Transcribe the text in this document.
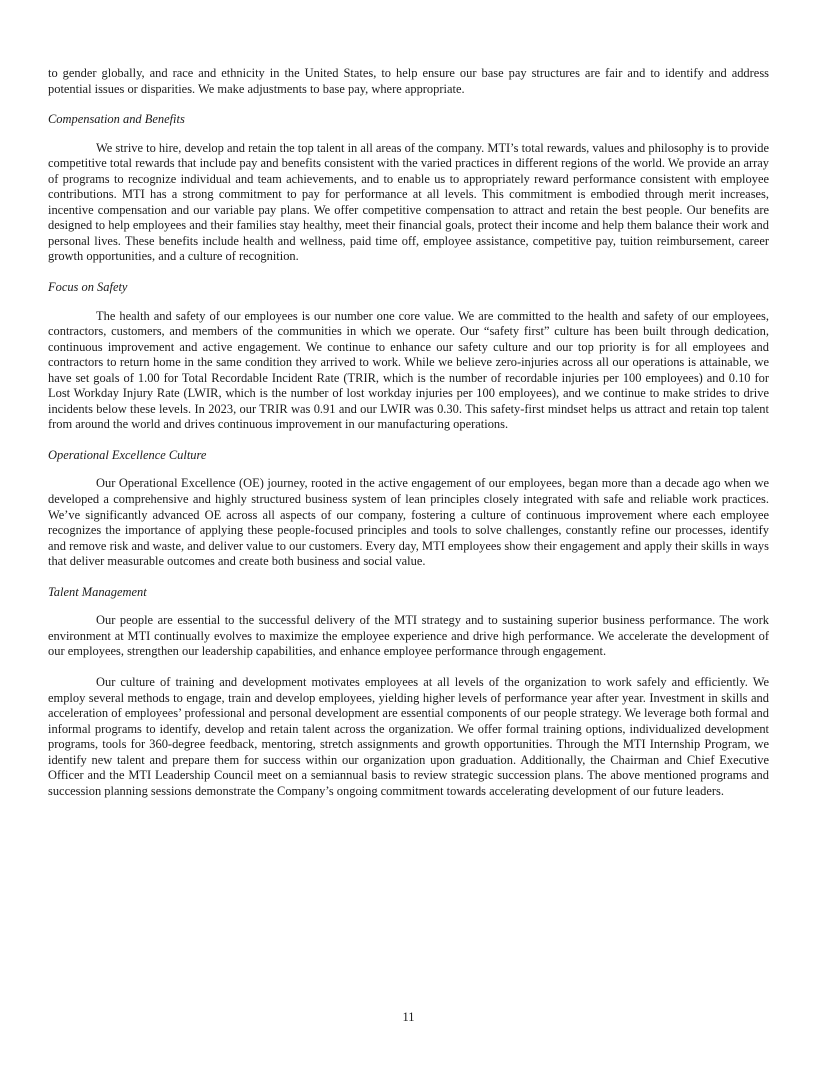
to gender globally, and race and ethnicity in the United States, to help ensure our base pay structures are fair and to identify and address potential issues or disparities. We make adjustments to base pay, where appropriate.

Compensation and Benefits

We strive to hire, develop and retain the top talent in all areas of the company. MTI’s total rewards, values and philosophy is to provide competitive total rewards that include pay and benefits consistent with the varied practices in different regions of the world. We provide an array of programs to recognize individual and team achievements, and to enable us to appropriately reward performance consistent with employee contributions. MTI has a strong commitment to pay for performance at all levels. This commitment is embodied through merit increases, incentive compensation and our variable pay plans. We offer competitive compensation to attract and retain the best people. Our benefits are designed to help employees and their families stay healthy, meet their financial goals, protect their income and help them balance their work and personal lives. These benefits include health and wellness, paid time off, employee assistance, competitive pay, tuition reimbursement, career growth opportunities, and a culture of recognition.

Focus on Safety

The health and safety of our employees is our number one core value. We are committed to the health and safety of our employees, contractors, customers, and members of the communities in which we operate. Our “safety first” culture has been built through dedication, continuous improvement and active engagement. We continue to enhance our safety culture and our top priority is for all employees and contractors to return home in the same condition they arrived to work. While we believe zero-injuries across all our operations is attainable, we have set goals of 1.00 for Total Recordable Incident Rate (TRIR, which is the number of recordable injuries per 100 employees) and 0.10 for Lost Workday Injury Rate (LWIR, which is the number of lost workday injuries per 100 employees), and we continue to make strides to drive incidents below these levels. In 2023, our TRIR was 0.91 and our LWIR was 0.30. This safety-first mindset helps us attract and retain top talent from around the world and drives continuous improvement in our manufacturing operations.

Operational Excellence Culture

Our Operational Excellence (OE) journey, rooted in the active engagement of our employees, began more than a decade ago when we developed a comprehensive and highly structured business system of lean principles closely integrated with safe and reliable work practices. We’ve significantly advanced OE across all aspects of our company, fostering a culture of continuous improvement where each employee recognizes the importance of applying these people-focused principles and tools to solve challenges, constantly refine our processes, identify and remove risk and waste, and deliver value to our customers. Every day, MTI employees show their engagement and apply their skills in ways that deliver measurable outcomes and create both business and social value.

Talent Management

Our people are essential to the successful delivery of the MTI strategy and to sustaining superior business performance. The work environment at MTI continually evolves to maximize the employee experience and drive high performance. We accelerate the development of our employees, strengthen our leadership capabilities, and enhance employee performance through engagement.

Our culture of training and development motivates employees at all levels of the organization to work safely and efficiently. We employ several methods to engage, train and develop employees, yielding higher levels of performance year after year. Investment in skills and acceleration of employees’ professional and personal development are essential components of our people strategy. We leverage both formal and informal programs to identify, develop and retain talent across the organization. We offer formal training options, individualized development programs, tools for 360-degree feedback, mentoring, stretch assignments and growth opportunities. Through the MTI Internship Program, we identify new talent and prepare them for success within our organization upon graduation. Additionally, the Chairman and Chief Executive Officer and the MTI Leadership Council meet on a semiannual basis to review strategic succession plans. The above mentioned programs and succession planning sessions demonstrate the Company’s ongoing commitment towards accelerating development of our future leaders.

11
